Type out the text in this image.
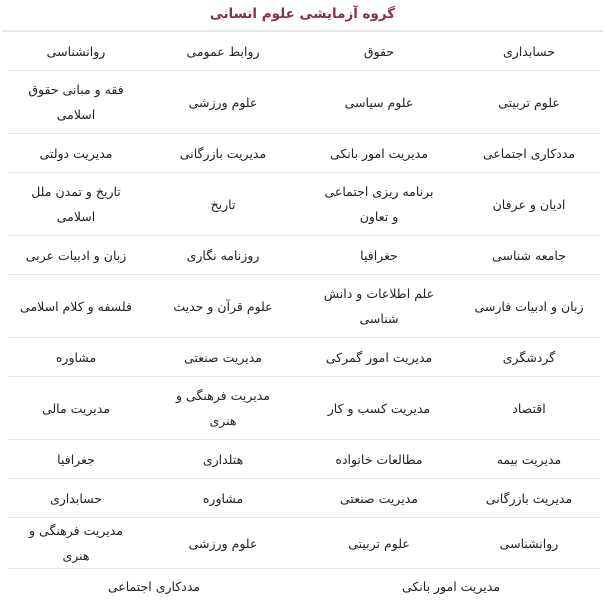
گروه آزمایشی علوم انسانی
حسابداری	حقوق	روابط عمومی	روانشناسی
علوم تربیتی	علوم سیاسی	علوم ورزشی	فقه و مبانی حقوق اسلامی
مددکاری اجتماعی	مدیریت امور بانکی	مدیریت بازرگانی	مدیریت دولتی
ادیان و عرفان	برنامه ریزی اجتماعی و تعاون	تاریخ	تاریخ و تمدن ملل اسلامی
جامعه شناسی	جغرافیا	روزنامه نگاری	زبان و ادبیات عربی
زبان و ادبیات فارسی	علم اطلاعات و دانش شناسی	علوم قرآن و حدیث	فلسفه و کلام اسلامی
گردشگری	مدیریت امور گمرکی	مدیریت صنعتی	مشاوره
اقتصاد	مدیریت کسب و کار	مدیریت فرهنگی و هنری	مدیریت مالی
مدیریت بیمه	مطالعات خانواده	هتلداری	جغرافیا
مدیریت بازرگانی	مدیریت صنعتی	مشاوره	حسابداری
روانشناسی	علوم تربیتی	علوم ورزشی	مدیریت فرهنگی و هنری
مدیریت امور بانکی		مددکاری اجتماعی	
